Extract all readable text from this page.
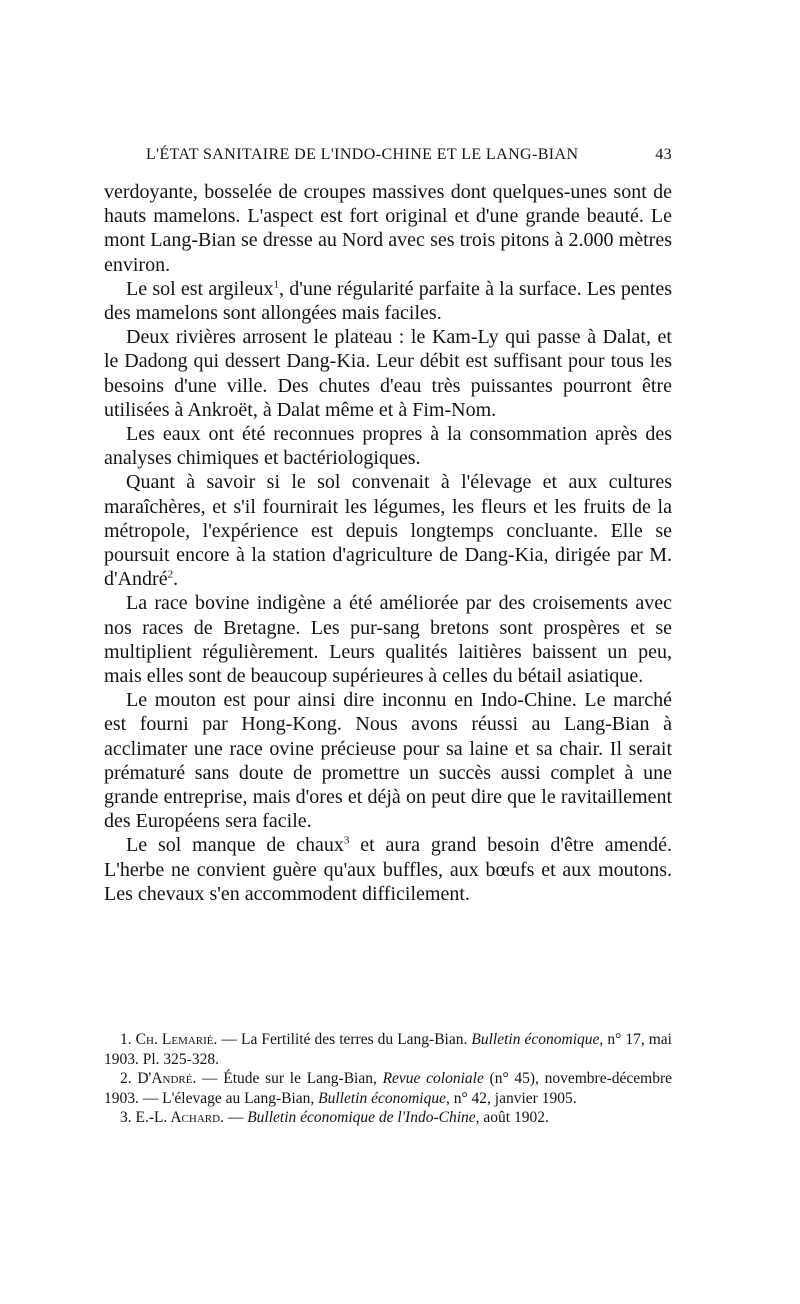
L'ÉTAT SANITAIRE DE L'INDO-CHINE ET LE LANG-BIAN	43

verdoyante, bosselée de croupes massives dont quelques-unes sont de hauts mamelons. L'aspect est fort original et d'une grande beauté. Le mont Lang-Bian se dresse au Nord avec ses trois pitons à 2.000 mètres environ.

Le sol est argileux$^1$, d'une régularité parfaite à la surface. Les pentes des mamelons sont allongées mais faciles.

Deux rivières arrosent le plateau : le Kam-Ly qui passe à Dalat, et le Dadong qui dessert Dang-Kia. Leur débit est suffisant pour tous les besoins d'une ville. Des chutes d'eau très puissantes pourront être utilisées à Ankroët, à Dalat même et à Fim-Nom.

Les eaux ont été reconnues propres à la consommation après des analyses chimiques et bactériologiques.

Quant à savoir si le sol convenait à l'élevage et aux cultures maraîchères, et s'il fournirait les légumes, les fleurs et les fruits de la métropole, l'expérience est depuis longtemps concluante. Elle se poursuit encore à la station d'agriculture de Dang-Kia, dirigée par M. d'André$^2$.

La race bovine indigène a été améliorée par des croisements avec nos races de Bretagne. Les pur-sang bretons sont prospères et se multiplient régulièrement. Leurs qualités laitières baissent un peu, mais elles sont de beaucoup supérieures à celles du bétail asiatique.

Le mouton est pour ainsi dire inconnu en Indo-Chine. Le marché est fourni par Hong-Kong. Nous avons réussi au Lang-Bian à acclimater une race ovine précieuse pour sa laine et sa chair. Il serait prématuré sans doute de promettre un succès aussi complet à une grande entreprise, mais d'ores et déjà on peut dire que le ravitaillement des Européens sera facile.

Le sol manque de chaux$^3$ et aura grand besoin d'être amendé. L'herbe ne convient guère qu'aux buffles, aux bœufs et aux moutons. Les chevaux s'en accommodent difficilement.

1. Ch. Lemarié. — La Fertilité des terres du Lang-Bian. Bulletin économique, n° 17, mai 1903. Pl. 325-328.

2. D'André. — Étude sur le Lang-Bian, Revue coloniale (n° 45), novembre-décembre 1903. — L'élevage au Lang-Bian, Bulletin économique, n° 42, janvier 1905.

3. E.-L. Achard. — Bulletin économique de l'Indo-Chine, août 1902.
